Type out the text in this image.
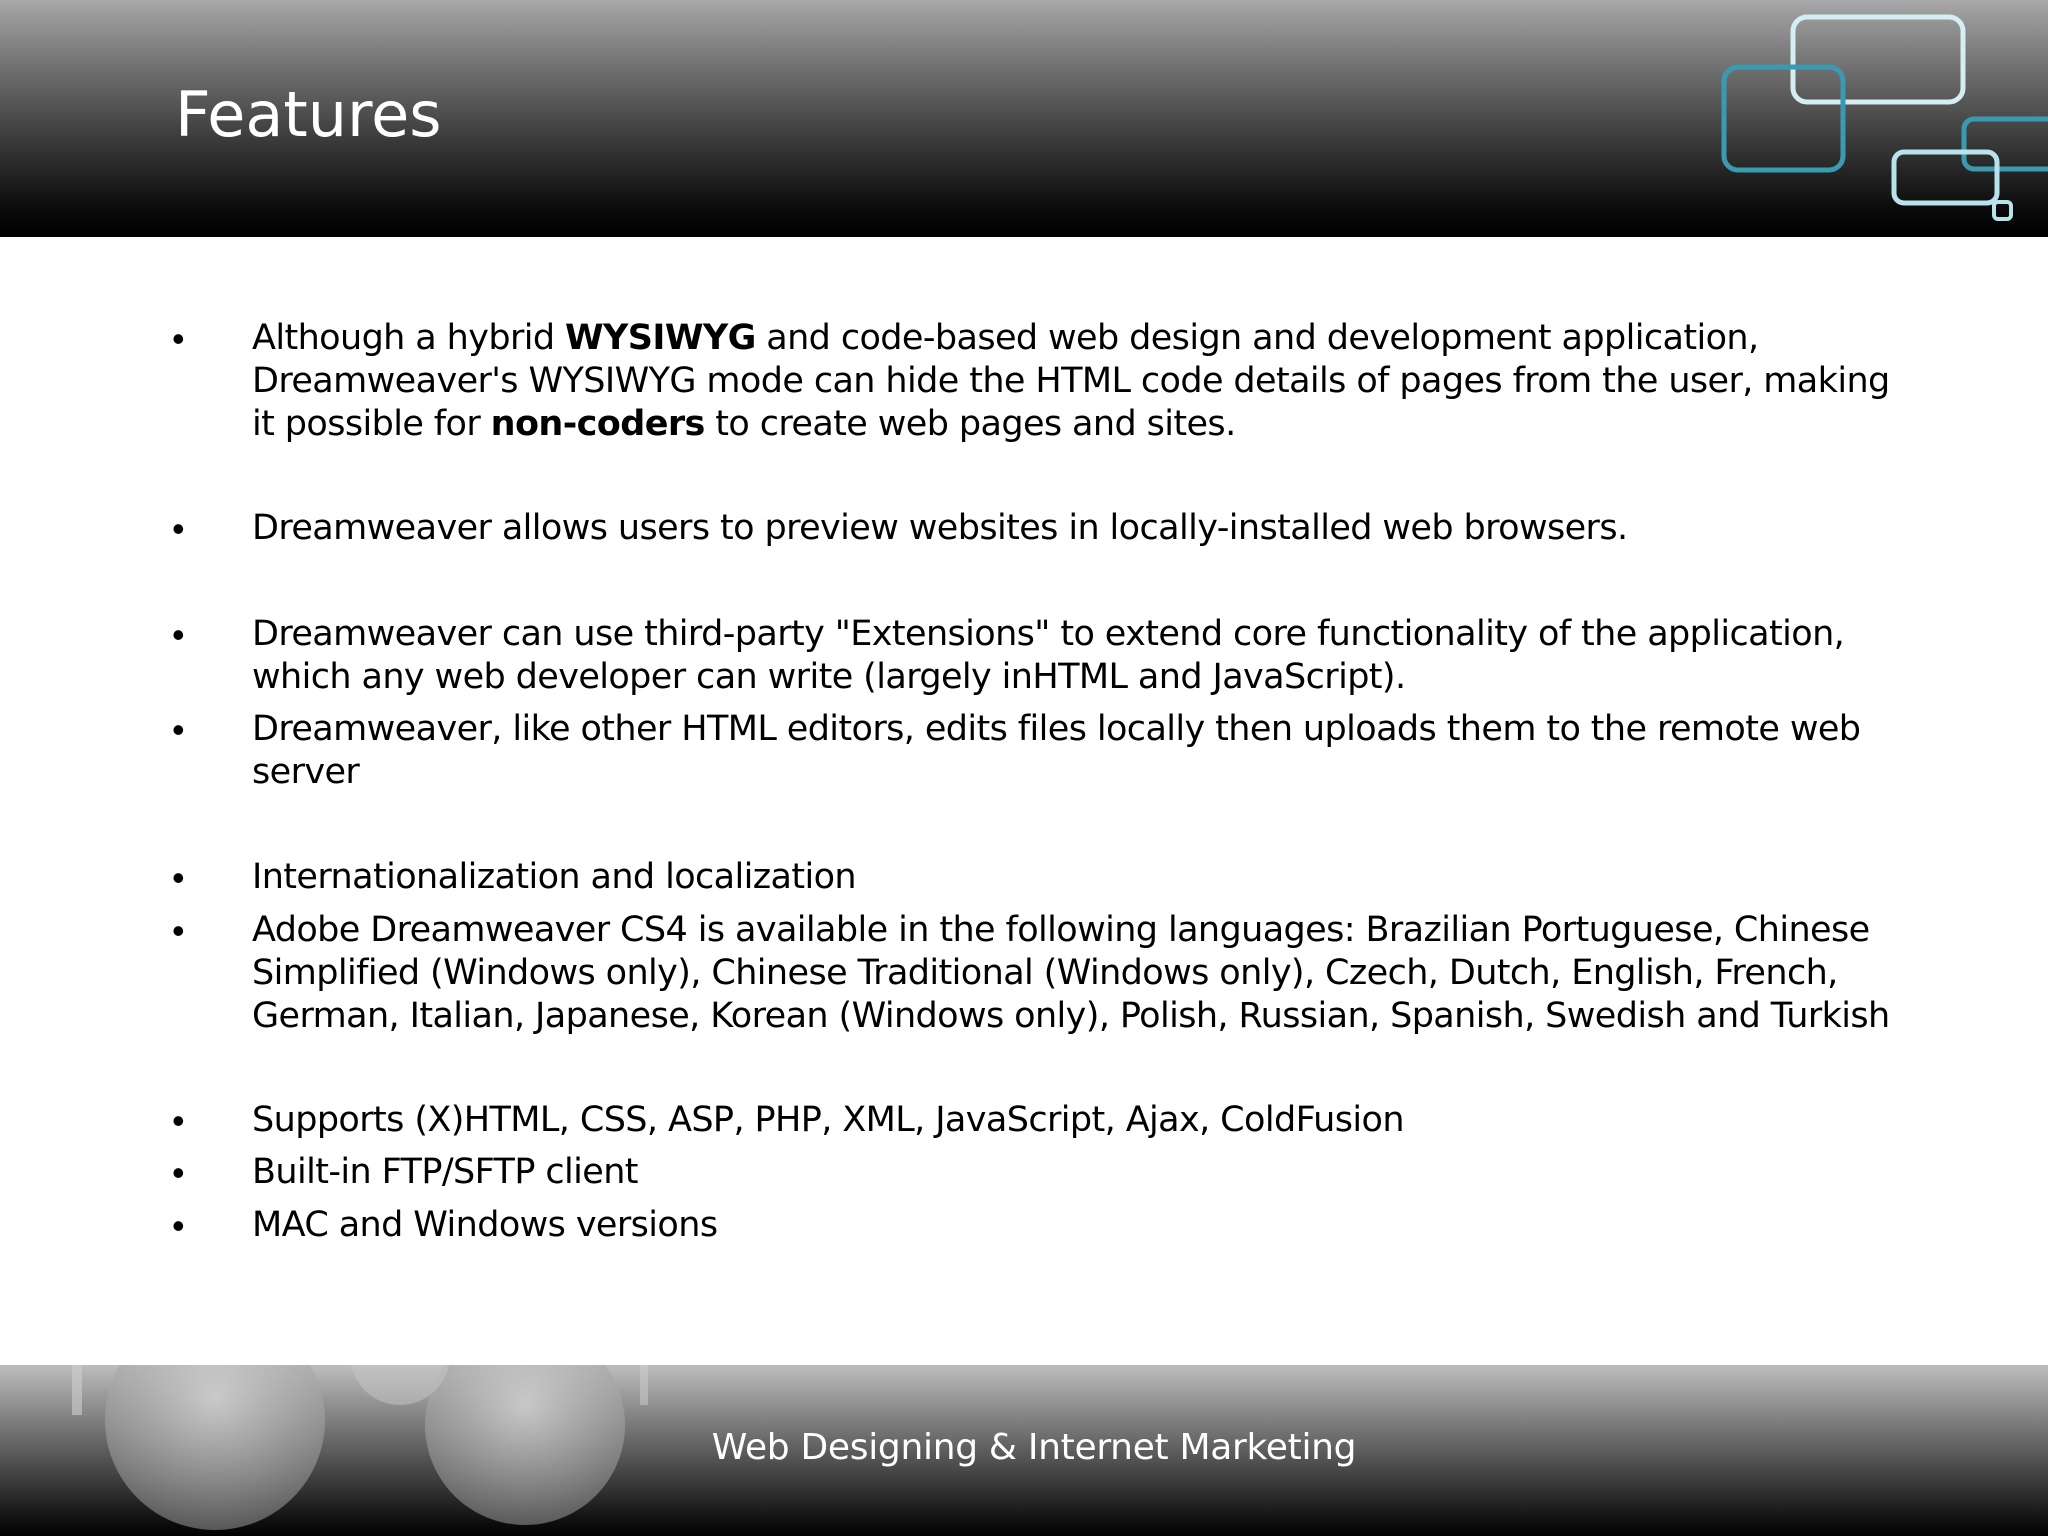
Features
• Although a hybrid WYSIWYG and code-based web design and development application, Dreamweaver's WYSIWYG mode can hide the HTML code details of pages from the user, making it possible for non-coders to create web pages and sites.
• Dreamweaver allows users to preview websites in locally-installed web browsers.
• Dreamweaver can use third-party "Extensions" to extend core functionality of the application, which any web developer can write (largely inHTML and JavaScript).
• Dreamweaver, like other HTML editors, edits files locally then uploads them to the remote web server
• Internationalization and localization
• Adobe Dreamweaver CS4 is available in the following languages: Brazilian Portuguese, Chinese Simplified (Windows only), Chinese Traditional (Windows only), Czech, Dutch, English, French, German, Italian, Japanese, Korean (Windows only), Polish, Russian, Spanish, Swedish and Turkish
• Supports (X)HTML, CSS, ASP, PHP, XML, JavaScript, Ajax, ColdFusion
• Built-in FTP/SFTP client
• MAC and Windows versions
Web Designing & Internet Marketing
